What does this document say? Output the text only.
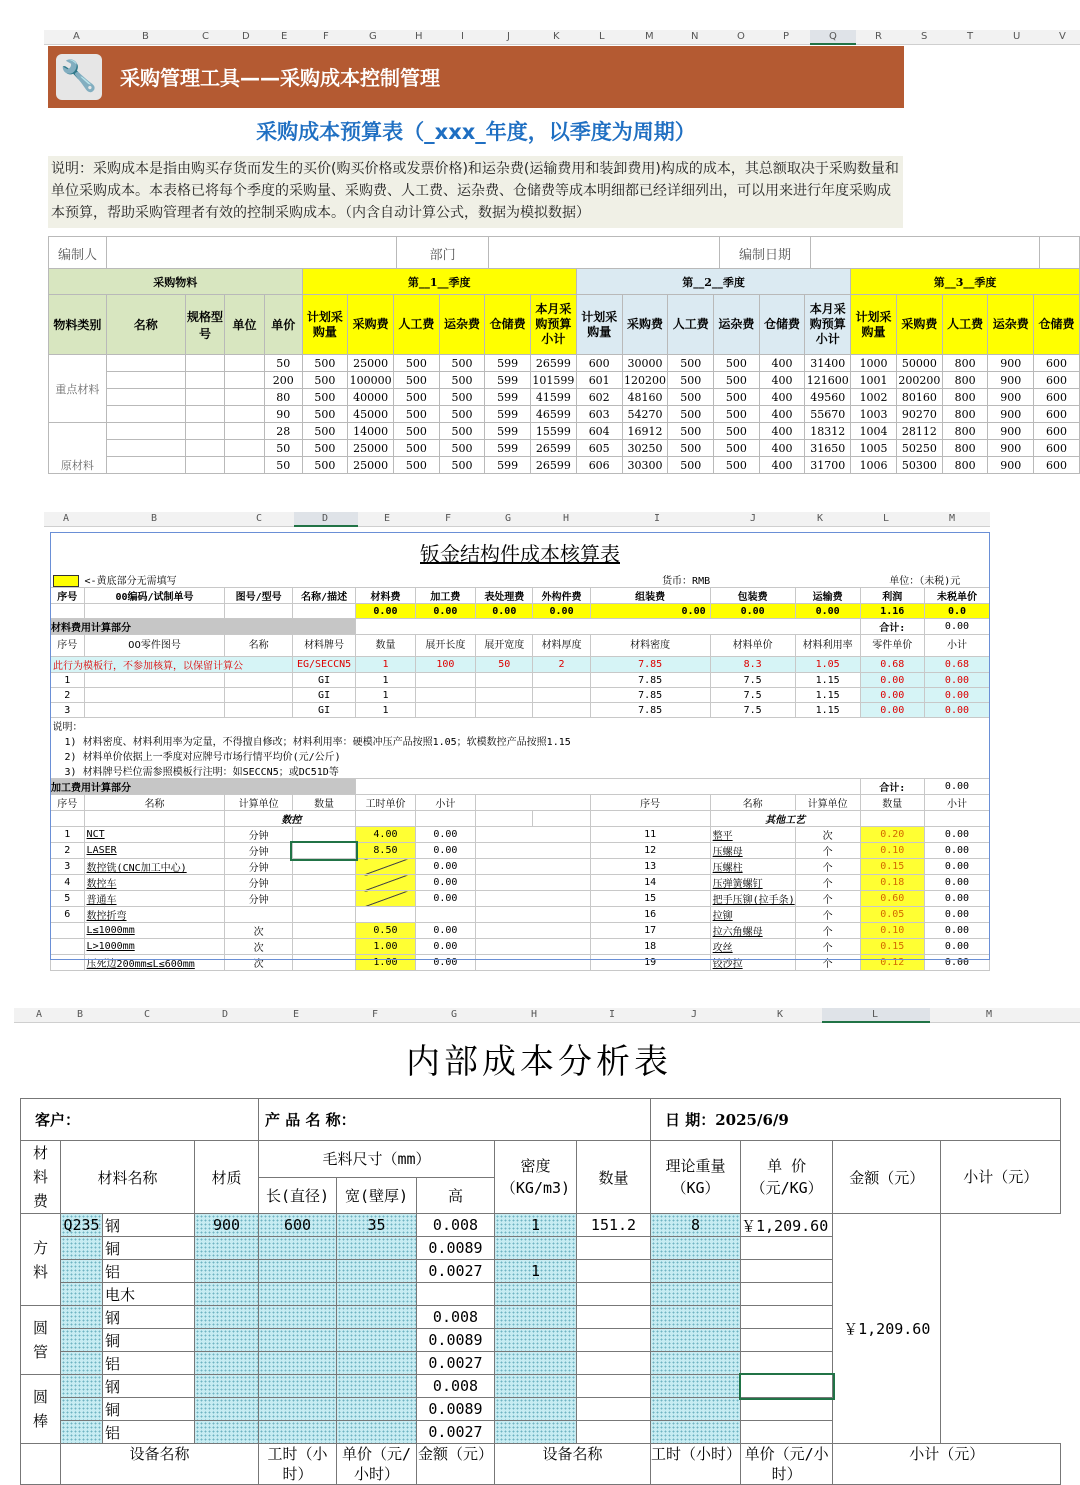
A	B	C	D	E	F	G	H	I	J	K	L	M	N	O	P	Q	R	S	T	U	V
🔧 采购管理工具——采购成本控制管理
采购成本预算表（_xxx_年度，以季度为周期）
说明：采购成本是指由购买存货而发生的买价(购买价格或发票价格)和运杂费(运输费用和装卸费用)构成的成本，其总额取决于采购数量和单位采购成本。本表格已将每个季度的采购量、采购费、人工费、运杂费、仓储费等成本明细都已经详细列出，可以用来进行年度采购成本预算，帮助采购管理者有效的控制采购成本。（内含自动计算公式，数据为模拟数据）
编制人		部门		编制日期		
采购物料					第__1__季度						第__2__季度						第__3__季度				
物料类别	名称	规格型号	单位	单价	计划采购量	采购费	人工费	运杂费	仓储费	本月采购预算小计	计划采购量	采购费	人工费	运杂费	仓储费	本月采购预算小计	计划采购量	采购费	人工费	运杂费	仓储费
重点材料				50	500	25000	500	500	599	26599	600	30000	500	500	400	31400	1000	50000	800	900	600
				200	500	100000	500	500	599	101599	601	120200	500	500	400	121600	1001	200200	800	900	600
				80	500	40000	500	500	599	41599	602	48160	500	500	400	49560	1002	80160	800	900	600
				90	500	45000	500	500	599	46599	603	54270	500	500	400	55670	1003	90270	800	900	600
原材料				28	500	14000	500	500	599	15599	604	16912	500	500	400	18312	1004	28112	800	900	600
				50	500	25000	500	500	599	26599	605	30250	500	500	400	31650	1005	50250	800	900	600
				50	500	25000	500	500	599	26599	606	30300	500	500	400	31700	1006	50300	800	900	600
A	B	C	D	E	F	G	H	I	J	K	L	M
钣金结构件成本核算表												
<-黄底部分无需填写				货币：RMB							单位：（未税)元	
序号	00编码/试制单号	图号/型号	名称/描述	材料费	加工费	表处理费	外构件费	组装费	包装费	运输费	利润	未税单价
				0.00	0.00	0.00	0.00	0.00	0.00	0.00	1.16	0.0
材料费用计算部分											合计:	0.00
序号	00零件图号	名称	材料牌号	数量	展开长度	展开宽度	材料厚度	材料密度	材料单价	材料利用率	零件单价	小计
此行为模板行，不参加核算，以保留计算公			EG/SECCN5	1	100	50	2	7.85	8.3	1.05	0.68	0.68
1			GI	1				7.85	7.5	1.15	0.00	0.00
2			GI	1				7.85	7.5	1.15	0.00	0.00
3			GI	1				7.85	7.5	1.15	0.00	0.00
说明：												
1) 材料密度、材料利用率为定量，不得擅自修改；材料利用率：硬模冲压产品按照1.05；软模数控产品按照1.15												
2) 材料单价依据上一季度对应牌号市场行情平均价(元/公斤)												
3) 材料牌号栏位需参照模板行注明：如SECCN5；或DC51D等												
加工费用计算部分											合计:	0.00
序号	名称	计算单位	数量	工时单价	小计			序号	名称	计算单位	数量	小计
		数控							其他工艺			
1	NCT	分钟		4.00	0.00			11	整平	次	0.20	0.00
2	LASER	分钟		8.50	0.00			12	压螺母	个	0.10	0.00
3	数控铣(CNC加工中心)	分钟			0.00			13	压螺柱	个	0.15	0.00
4	数控车	分钟			0.00			14	压弹簧螺钉	个	0.18	0.00
5	普通车	分钟			0.00			15	把手压铆(拉手条)	个	0.60	0.00
6	数控折弯							16	拉铆	个	0.05	0.00
	L≤1000mm	次		0.50	0.00			17	拉六角螺母	个	0.10	0.00
	L>1000mm	次		1.00	0.00			18	攻丝	个	0.15	0.00
	压死边200mm≤L≤600mm	次		1.00	0.00			19	铰沙拉	个	0.12	0.00
A	B	C	D	E	F	G	H	I	J	K	L	M
内部成本分析表
客户：				产 品 名 称：					日 期：2025/6/9			
材料费	材料名称		材质	毛料尺寸（mm）			密度（KG/m3)	数量	理论重量（KG）	单 价（元/KG）	金额（元）	小计（元）
				长(直径)	宽(壁厚)	高						
方料	Q235	钢	900	600	35	0.008	1	151.2	8	￥1,209.60	￥1,209.60	
		铜				0.0089						
		铝				0.0027	1					
		电木										
圆管		钢				0.008						
		铜				0.0089						
		铝				0.0027						
圆棒		钢				0.008						
		铜				0.0089						
		铝				0.0027						
	设备名称			工时（小时）	单价（元/小时）	金额（元）	设备名称		工时（小时）	单价（元/小时）	小计（元）	
